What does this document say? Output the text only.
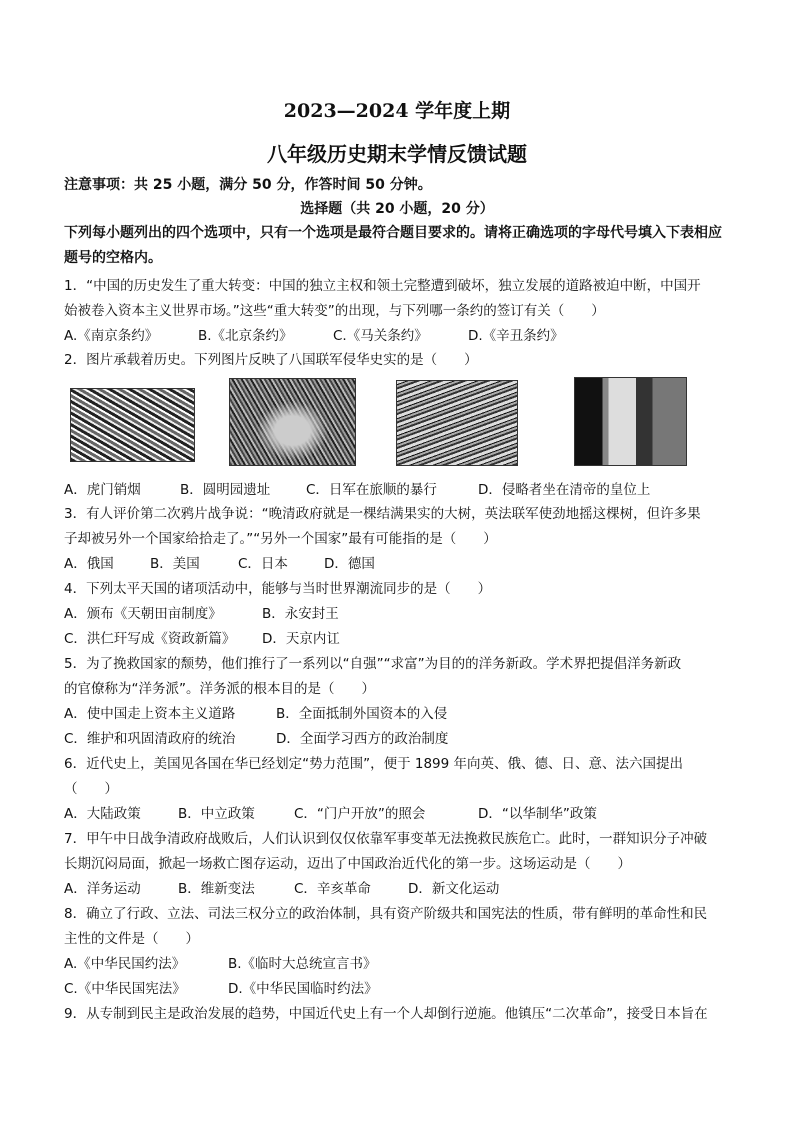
2023—2024 学年度上期
八年级历史期末学情反馈试题
注意事项：共 25 小题，满分 50 分，作答时间 50 分钟。
选择题（共 20 小题，20 分）
下列每小题列出的四个选项中，只有一个选项是最符合题目要求的。请将正确选项的字母代号填入下表相应题号的空格内。
1．“中国的历史发生了重大转变：中国的独立主权和领土完整遭到破坏，独立发展的道路被迫中断，中国开
始被卷入资本主义世界市场。”这些“重大转变”的出现，与下列哪一条约的签订有关（　　）
A.《南京条约》	B.《北京条约》	C.《马关条约》	D.《辛丑条约》
2．图片承载着历史。下列图片反映了八国联军侵华史实的是（　　）
A．虎门销烟	B．圆明园遗址	C．日军在旅顺的暴行	D．侵略者坐在清帝的皇位上
3．有人评价第二次鸦片战争说：“晚清政府就是一棵结满果实的大树，英法联军使劲地摇这棵树，但许多果
子却被另外一个国家给拾走了。”“另外一个国家”最有可能指的是（　　）
A．俄国	B．美国	C．日本	D．德国
4．下列太平天国的诸项活动中，能够与当时世界潮流同步的是（　　）
A．颁布《天朝田亩制度》	B．永安封王
C．洪仁玕写成《资政新篇》 D．天京内讧
5．为了挽救国家的颓势，他们推行了一系列以“自强”“求富”为目的的洋务新政。学术界把提倡洋务新政
的官僚称为“洋务派”。洋务派的根本目的是（　　）
A．使中国走上资本主义道路	B．全面抵制外国资本的入侵
C．维护和巩固清政府的统治	D．全面学习西方的政治制度
6．近代史上，美国见各国在华已经划定“势力范围”，便于 1899 年向英、俄、德、日、意、法六国提出
（　　）
A．大陆政策	B．中立政策	C．“门户开放”的照会	D．“以华制华”政策
7．甲午中日战争清政府战败后，人们认识到仅仅依靠军事变革无法挽救民族危亡。此时，一群知识分子冲破
长期沉闷局面，掀起一场救亡图存运动，迈出了中国政治近代化的第一步。这场运动是（　　）
A．洋务运动	B．维新变法	C．辛亥革命	D．新文化运动
8．确立了行政、立法、司法三权分立的政治体制，具有资产阶级共和国宪法的性质，带有鲜明的革命性和民
主性的文件是（　　）
A.《中华民国约法》	B.《临时大总统宣言书》
C.《中华民国宪法》	D.《中华民国临时约法》
9．从专制到民主是政治发展的趋势，中国近代史上有一个人却倒行逆施。他镇压“二次革命”，接受日本旨在
